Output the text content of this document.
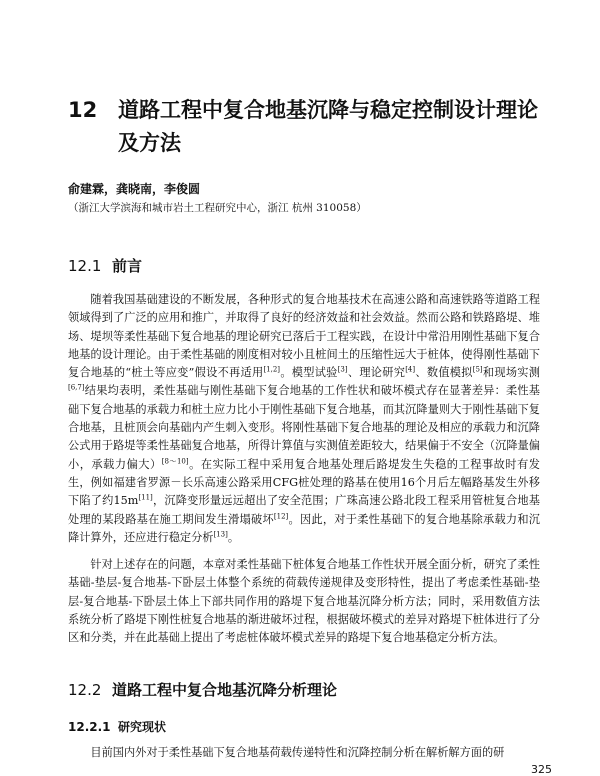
12 道路工程中复合地基沉降与稳定控制设计理论及方法
俞建霖，龚晓南，李俊圆
（浙江大学滨海和城市岩土工程研究中心，浙江 杭州 310058）
12.1 前言

随着我国基础建设的不断发展，各种形式的复合地基技术在高速公路和高速铁路等道路工程领域得到了广泛的应用和推广，并取得了良好的经济效益和社会效益。然而公路和铁路路堤、堆场、堤坝等柔性基础下复合地基的理论研究已落后于工程实践，在设计中常沿用刚性基础下复合地基的设计理论。由于柔性基础的刚度相对较小且桩间土的压缩性远大于桩体，使得刚性基础下复合地基的“桩土等应变”假设不再适用[1,2]。模型试验[3]、理论研究[4]、数值模拟[5]和现场实测[6,7]结果均表明，柔性基础与刚性基础下复合地基的工作性状和破坏模式存在显著差异：柔性基础下复合地基的承载力和桩土应力比小于刚性基础下复合地基，而其沉降量则大于刚性基础下复合地基，且桩顶会向基础内产生刺入变形。将刚性基础下复合地基的理论及相应的承载力和沉降公式用于路堤等柔性基础复合地基，所得计算值与实测值差距较大，结果偏于不安全（沉降量偏小，承载力偏大）[8～10]。在实际工程中采用复合地基处理后路堤发生失稳的工程事故时有发生，例如福建省罗源－长乐高速公路采用CFG桩处理的路基在使用16个月后左幅路基发生外移下陷了约15m[11]，沉降变形量远远超出了安全范围；广珠高速公路北段工程采用管桩复合地基处理的某段路基在施工期间发生滑塌破坏[12]。因此，对于柔性基础下的复合地基除承载力和沉降计算外，还应进行稳定分析[13]。

针对上述存在的问题，本章对柔性基础下桩体复合地基工作性状开展全面分析，研究了柔性基础-垫层-复合地基-下卧层土体整个系统的荷载传递规律及变形特性，提出了考虑柔性基础-垫层-复合地基-下卧层土体上下部共同作用的路堤下复合地基沉降分析方法；同时，采用数值方法系统分析了路堤下刚性桩复合地基的渐进破坏过程，根据破坏模式的差异对路堤下桩体进行了分区和分类，并在此基础上提出了考虑桩体破坏模式差异的路堤下复合地基稳定分析方法。

12.2 道路工程中复合地基沉降分析理论
12.2.1 研究现状

目前国内外对于柔性基础下复合地基荷载传递特性和沉降控制分析在解析解方面的研

325
